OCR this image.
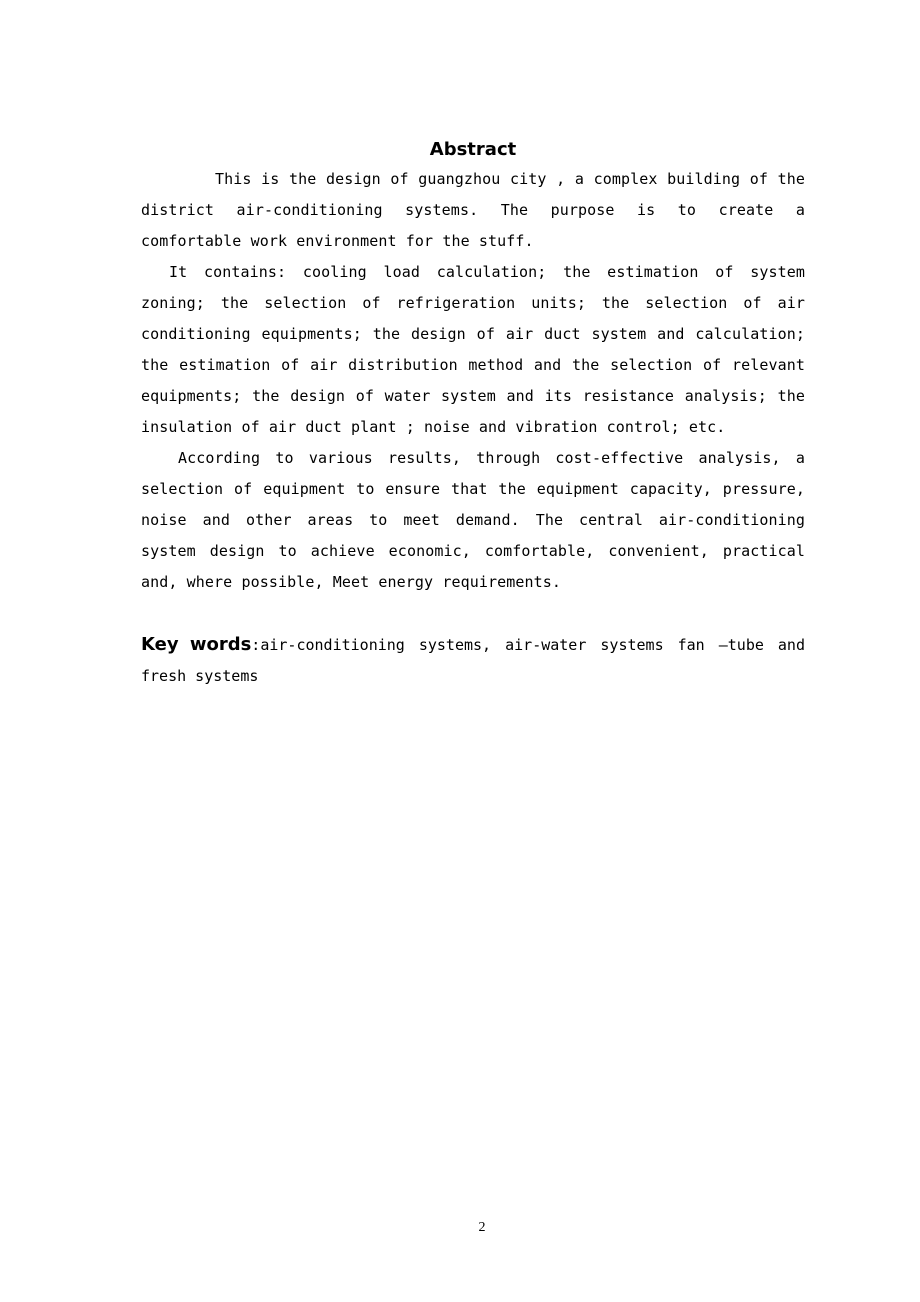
Abstract

This is the design of guangzhou city , a complex building of the district air-conditioning systems. The purpose is to create a comfortable work environment for the stuff.

It contains: cooling load calculation; the estimation of system zoning; the selection of refrigeration units; the selection of air conditioning equipments; the design of air duct system and calculation; the estimation of air distribution method and the selection of relevant equipments; the design of water system and its resistance analysis; the insulation of air duct plant ; noise and vibration control; etc.

According to various results, through cost-effective analysis, a selection of equipment to ensure that the equipment capacity, pressure, noise and other areas to meet demand. The central air-conditioning system design to achieve economic, comfortable, convenient, practical and, where possible, Meet energy requirements.

Key words:air-conditioning systems, air-water systems fan –tube and fresh systems
2
